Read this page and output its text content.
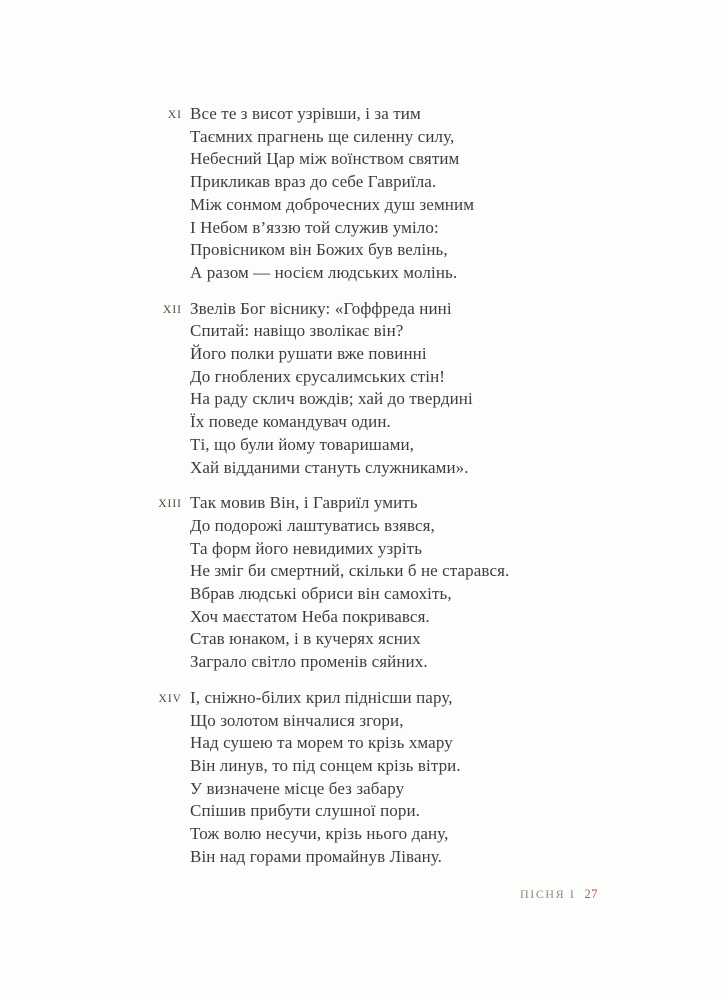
XI Все те з висот узрівши, і за тим
Таємних прагнень ще силенну силу,
Небесний Цар між воїнством святим
Прикликав враз до себе Гавриїла.
Між сонмом доброчесних душ земним
І Небом в’яззю той служив уміло:
Провісником він Божих був велінь,
А разом — носієм людських молінь.
XII Звелів Бог віснику: «Гоффреда нині
Спитай: навіщо зволікає він?
Його полки рушати вже повинні
До гноблених єрусалимських стін!
На раду склич вождів; хай до твердині
Їх поведе командувач один.
Ті, що були йому товаришами,
Хай відданими стануть служниками».
XIII Так мовив Він, і Гавриїл умить
До подорожі лаштуватись взявся,
Та форм його невидимих узріть
Не зміг би смертний, скільки б не старався.
Вбрав людські обриси він самохіть,
Хоч маєстатом Неба покривався.
Став юнаком, і в кучерях ясних
Заграло світло променів сяйних.
XIV І, сніжно-білих крил піднісши пару,
Що золотом вінчалися згори,
Над сушею та морем то крізь хмару
Він линув, то під сонцем крізь вітри.
У визначене місце без забару
Спішив прибути слушної пори.
Тож волю несучи, крізь нього дану,
Він над горами промайнув Лівану.
ПІСНЯ I 27
